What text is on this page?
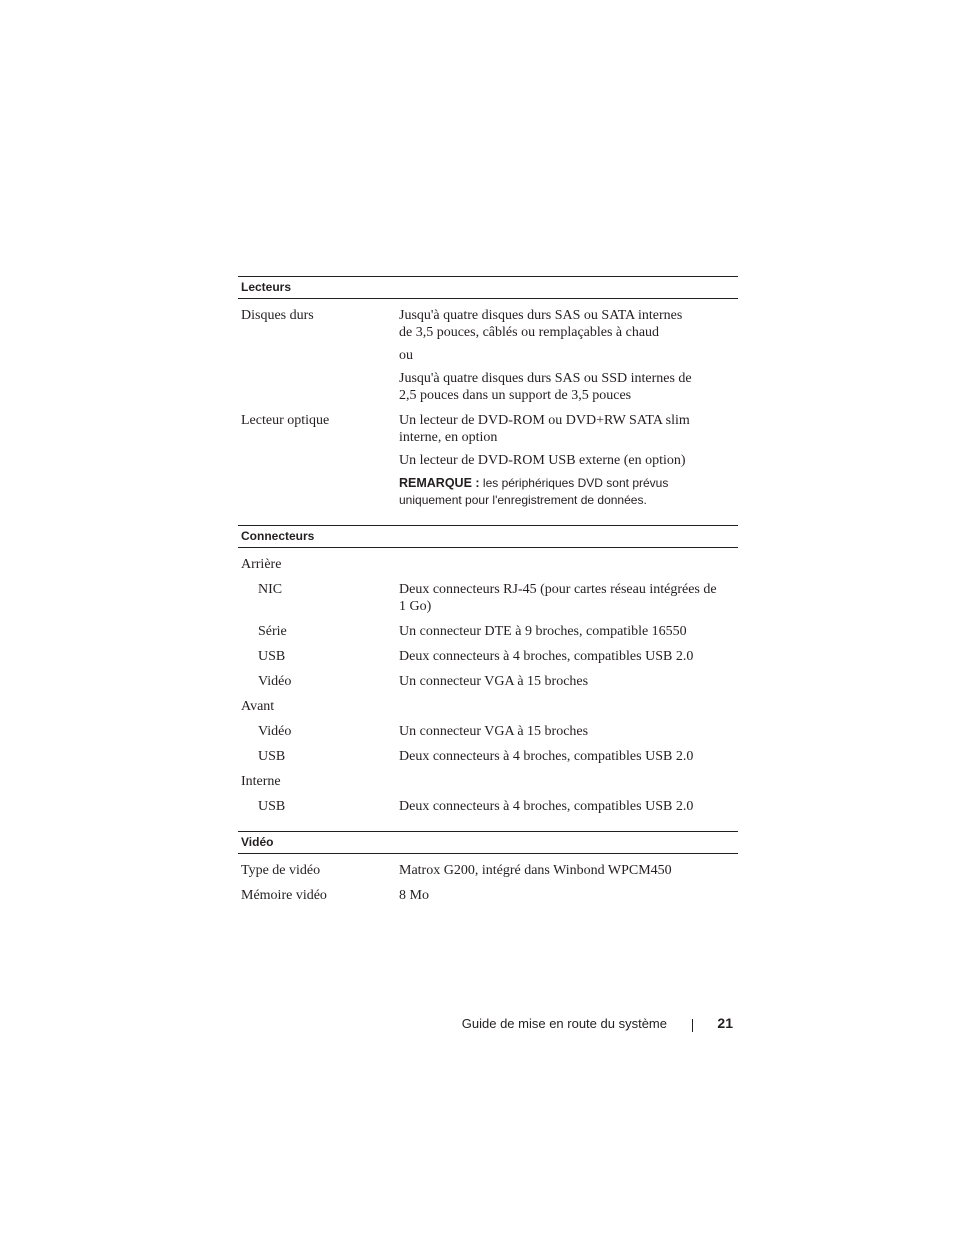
Lecteurs
Disques durs	Jusqu'à quatre disques durs SAS ou SATA internes de 3,5 pouces, câblés ou remplaçables à chaud

ou

Jusqu'à quatre disques durs SAS ou SSD internes de 2,5 pouces dans un support de 3,5 pouces

Lecteur optique	Un lecteur de DVD-ROM ou DVD+RW SATA slim interne, en option

Un lecteur de DVD-ROM USB externe (en option)

REMARQUE : les périphériques DVD sont prévus uniquement pour l'enregistrement de données.

Connecteurs
Arrière
NIC	Deux connecteurs RJ-45 (pour cartes réseau intégrées de 1 Go)
Série	Un connecteur DTE à 9 broches, compatible 16550
USB	Deux connecteurs à 4 broches, compatibles USB 2.0
Vidéo	Un connecteur VGA à 15 broches
Avant
Vidéo	Un connecteur VGA à 15 broches
USB	Deux connecteurs à 4 broches, compatibles USB 2.0
Interne
USB	Deux connecteurs à 4 broches, compatibles USB 2.0
Vidéo
Type de vidéo	Matrox G200, intégré dans Winbond WPCM450
Mémoire vidéo	8 Mo
Guide de mise en route du système	21
